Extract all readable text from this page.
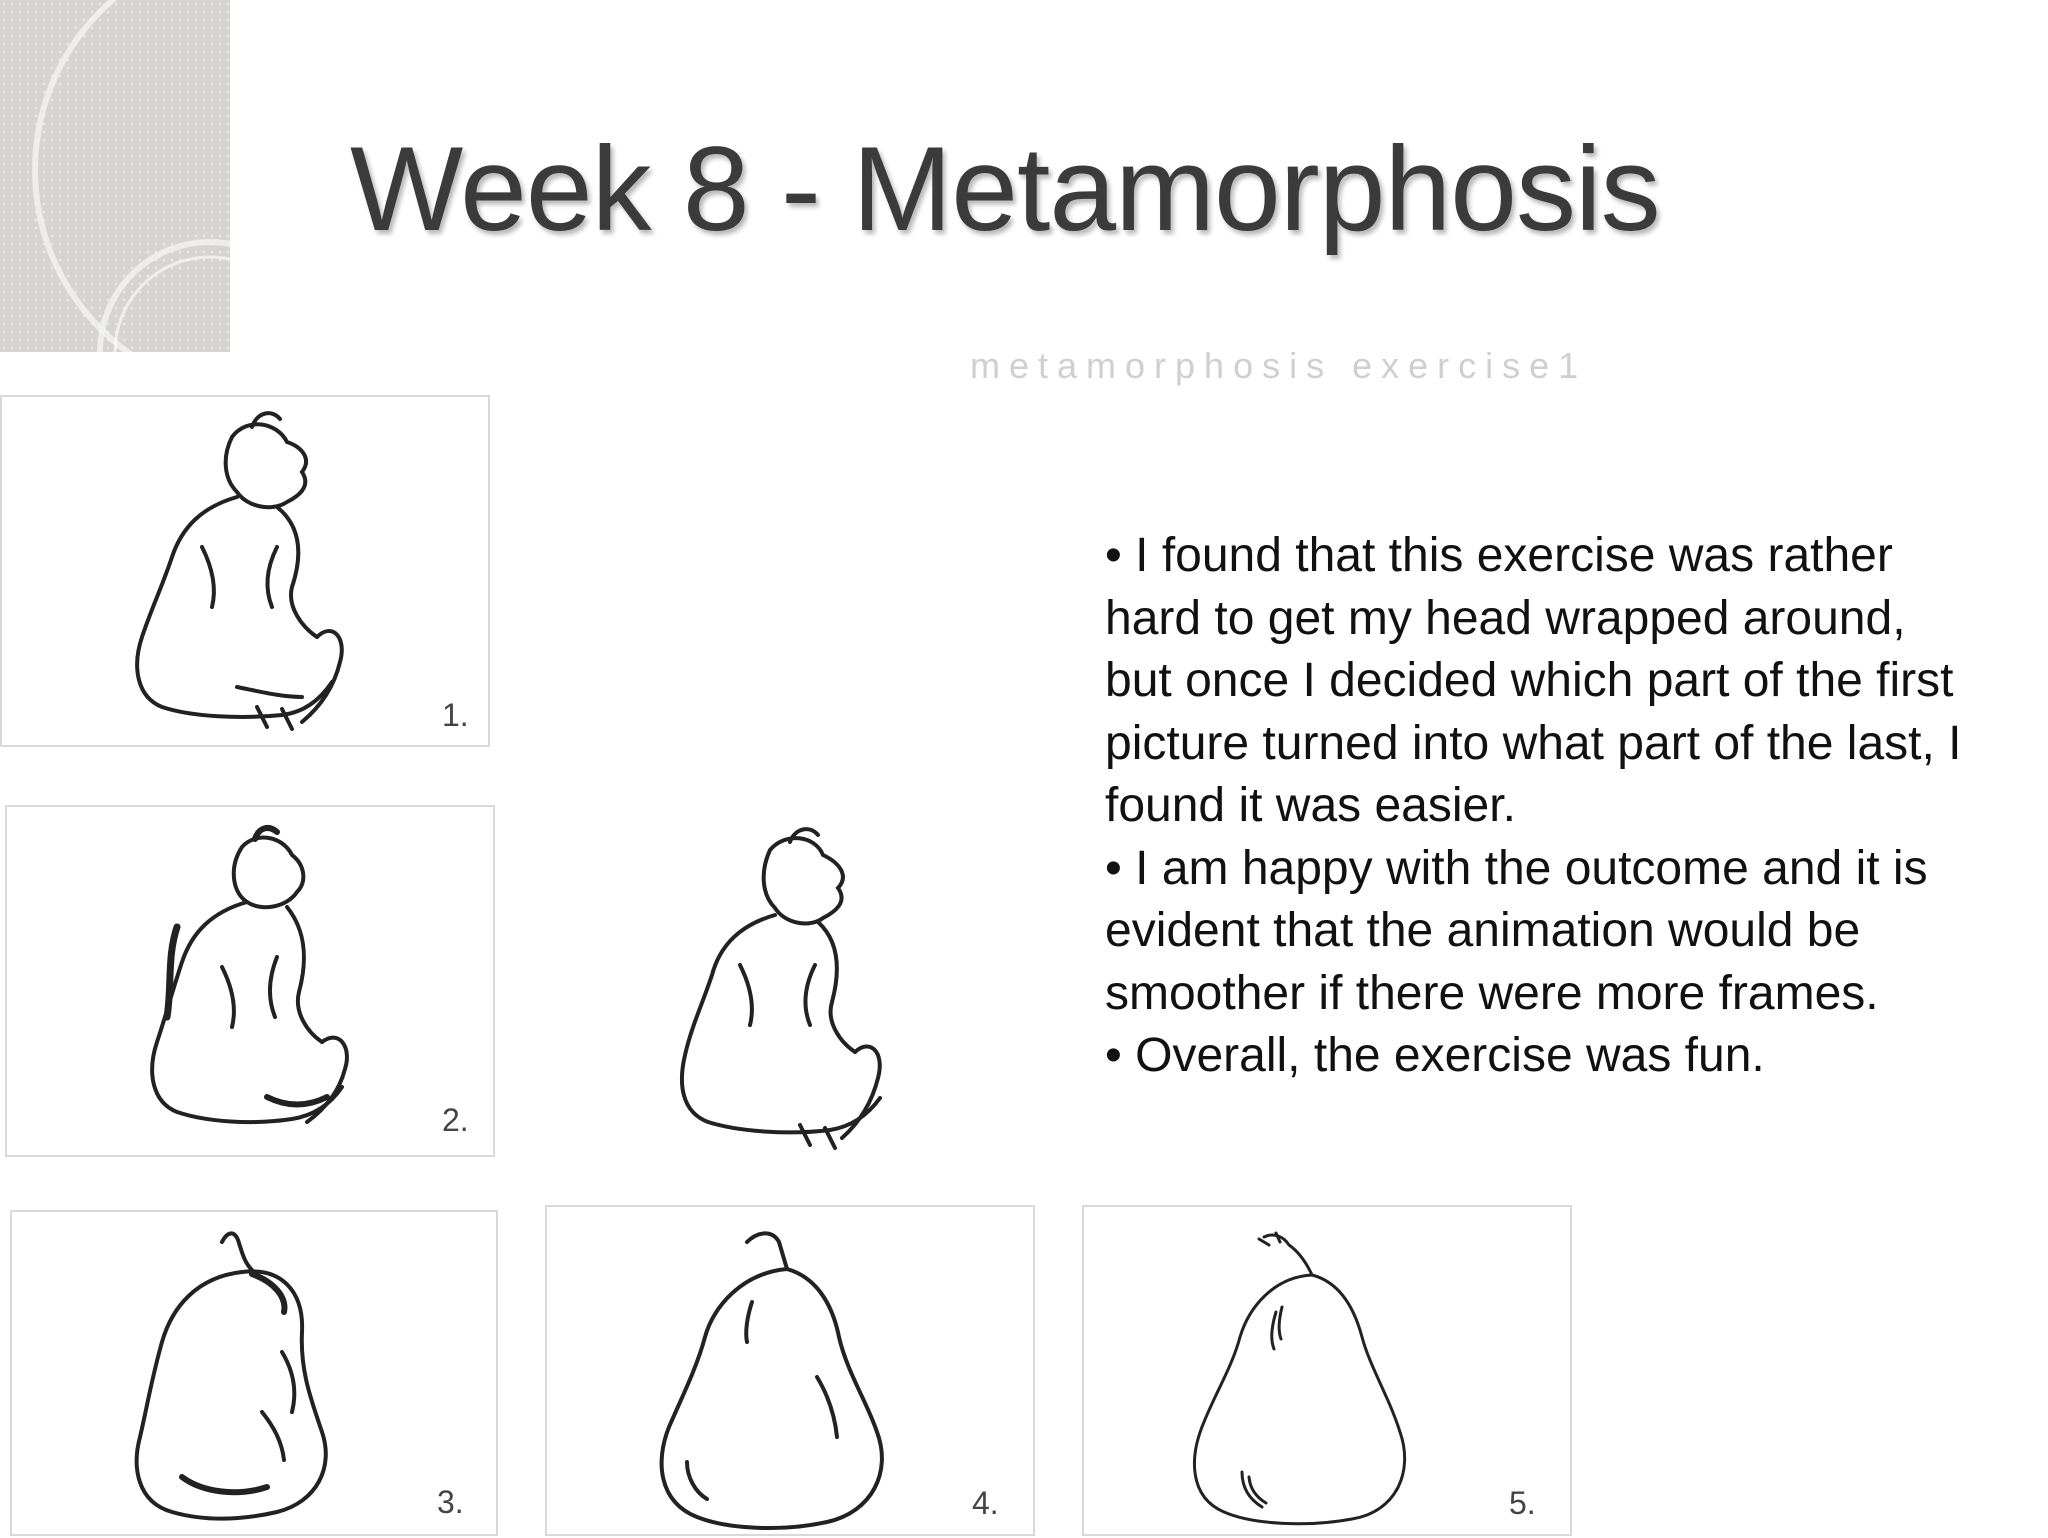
Week 8 - Metamorphosis
metamorphosis exercise1
1.
2.
3.	4.	5.

• I found that this exercise was rather hard to get my head wrapped around, but once I decided which part of the first picture turned into what part of the last, I found it was easier.

• I am happy with the outcome and it is evident that the animation would be smoother if there were more frames.

• Overall, the exercise was fun.
